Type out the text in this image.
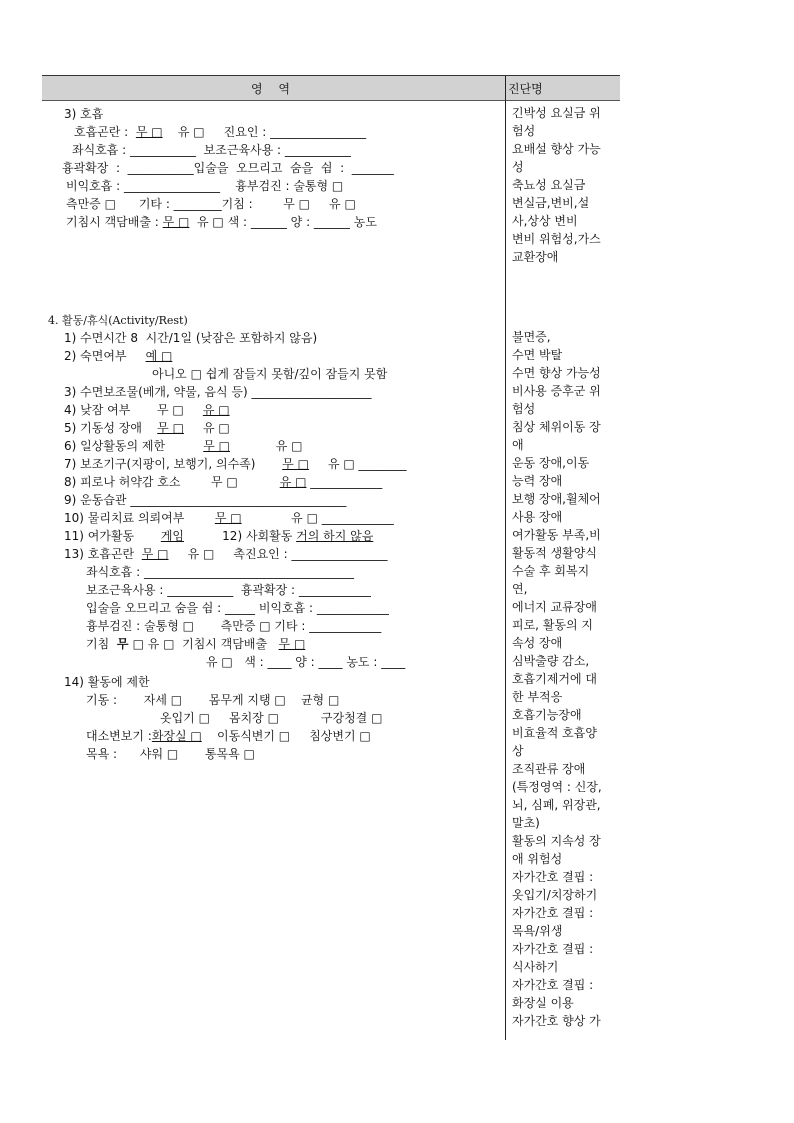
영 역	진단명
3) 호흡
호흡곤란 :  무 □    유 □     진요인 : ________________
좌식호흡 : ___________  보조근육사용 : ___________
흉곽확장  :  ___________입술을  오므리고  숨을  쉼  :  _______
비익호흡 : ________________    흉부검진 : 술통형 □
측만증 □      기타 : ________기침 :        무 □     유 □
기침시 객담배출 : 무 □  유 □ 색 : ______ 양 : ______ 농도
4. 활동/휴식(Activity/Rest)
1) 수면시간 8  시간/1일 (낮잠은 포함하지 않음)
2) 숙면여부     예 □
아니오 □ 쉽게 잠들지 못함/깊이 잠들지 못함
3) 수면보조물(베개, 약물, 음식 등) ____________________
4) 낮잠 여부       무 □     유 □
5) 기동성 장애    무 □     유 □
6) 일상활동의 제한          무 □            유 □
7) 보조기구(지팡이, 보행기, 의수족)       무 □     유 □ ________
8) 피로나 허약감 호소        무 □           유 □ ____________
9) 운동습관 ____________________________________
10) 물리치료 의뢰여부        무 □             유 □ ____________
11) 여가활동       게임          12) 사회활동 거의 하지 않음
13) 호흡곤란  무 □     유 □     촉진요인 : ________________
좌식호흡 : ___________________________________
보조근육사용 : ___________  흉곽확장 : ____________
입술을 오므리고 숨을 쉼 : _____ 비익호흡 : ____________
흉부검진 : 술통형 □       측만증 □ 기타 : ____________
기침  무 □ 유 □  기침시 객담배출   무 □
유 □   색 : ____ 양 : ____ 농도 : ____
14) 활동에 제한
기동 :       자세 □       몸무게 지탱 □    균형 □
옷입기 □     몸치장 □           구강청결 □
대소변보기 :화장실 □    이동식변기 □     침상변기 □
목욕 :      샤워 □       통목욕 □
긴박성 요실금 위
험성
요배설 향상 가능
성
축뇨성 요실금
변실금,변비,설
사,상상 변비
변비 위험성,가스
교환장애
불면증,
수면 박탈
수면 향상 가능성
비사용 증후군 위
험성
침상 체위이동 장
애
운동 장애,이동
능력 장애
보행 장애,휠체어
사용 장애
여가활동 부족,비
활동적 생활양식
수술 후 회복지
연,
에너지 교류장애
피로, 활동의 지
속성 장애
심박출량 감소,
호흡기제거에 대
한 부적응
호흡기능장애
비효율적 호흡양
상
조직관류 장애
(특정영역 : 신장,
뇌, 심폐, 위장관,
말초)
활동의 지속성 장
애 위험성
자가간호 결핍 :
옷입기/치장하기
자가간호 결핍 :
목욕/위생
자가간호 결핍 :
식사하기
자가간호 결핍 :
화장실 이용
자가간호 향상 가
